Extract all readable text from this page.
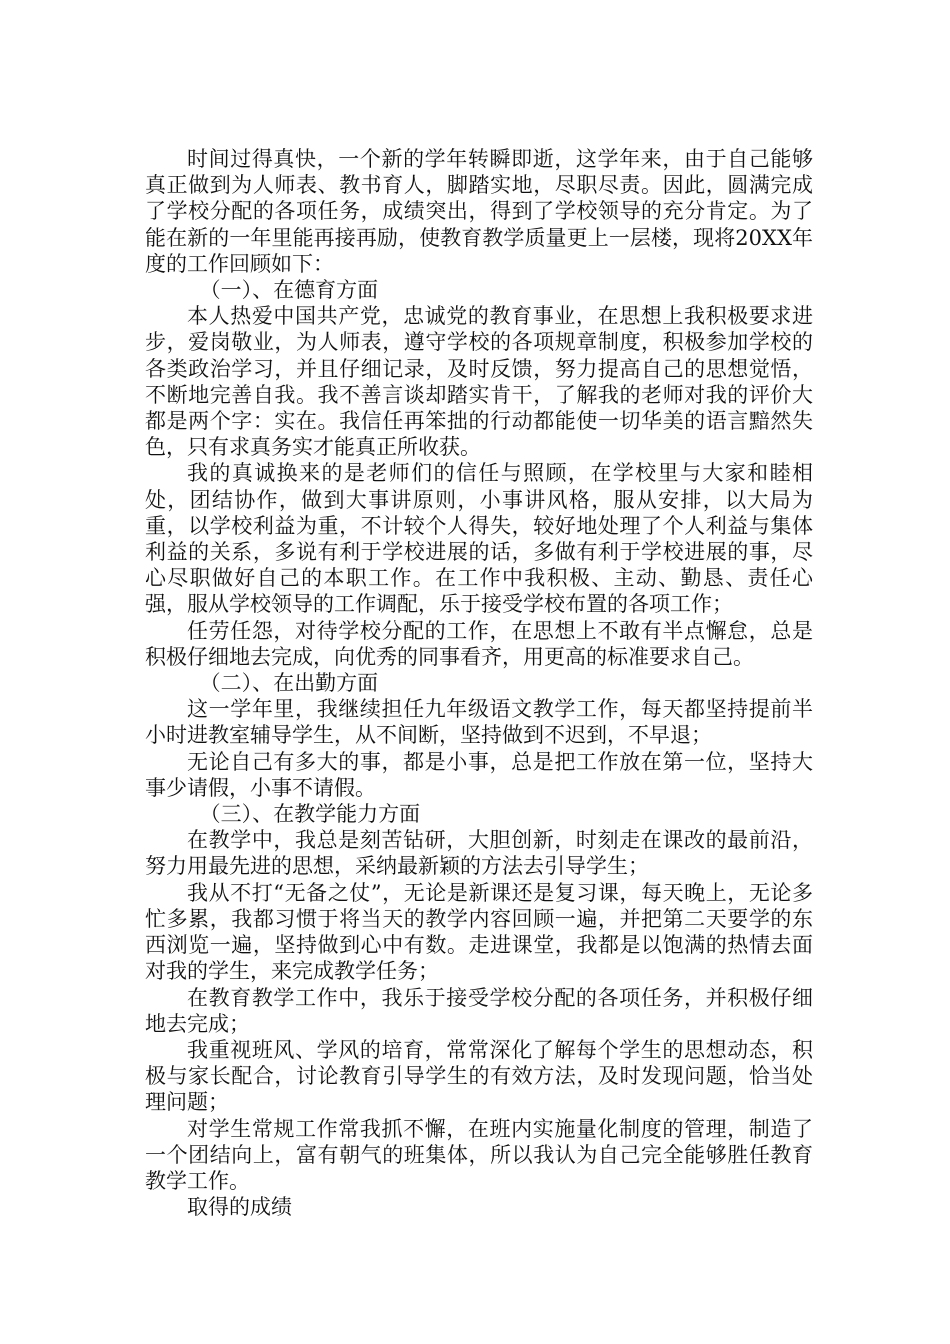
时间过得真快，一个新的学年转瞬即逝，这学年来，由于自己能够真正做到为人师表、教书育人，脚踏实地，尽职尽责。因此，圆满完成了学校分配的各项任务，成绩突出，得到了学校领导的充分肯定。为了能在新的一年里能再接再励，使教育教学质量更上一层楼，现将20XX年度的工作回顾如下：

（一）、在德育方面

本人热爱中国共产党，忠诚党的教育事业，在思想上我积极要求进步，爱岗敬业，为人师表，遵守学校的各项规章制度，积极参加学校的各类政治学习，并且仔细记录，及时反馈，努力提高自己的思想觉悟，不断地完善自我。我不善言谈却踏实肯干，了解我的老师对我的评价大都是两个字：实在。我信任再笨拙的行动都能使一切华美的语言黯然失色，只有求真务实才能真正所收获。

我的真诚换来的是老师们的信任与照顾，在学校里与大家和睦相处，团结协作，做到大事讲原则，小事讲风格，服从安排，以大局为重，以学校利益为重，不计较个人得失，较好地处理了个人利益与集体利益的关系，多说有利于学校进展的话，多做有利于学校进展的事，尽心尽职做好自己的本职工作。在工作中我积极、主动、勤恳、责任心强，服从学校领导的工作调配，乐于接受学校布置的各项工作；

任劳任怨，对待学校分配的工作，在思想上不敢有半点懈怠，总是积极仔细地去完成，向优秀的同事看齐，用更高的标准要求自己。

（二）、在出勤方面

这一学年里，我继续担任九年级语文教学工作，每天都坚持提前半小时进教室辅导学生，从不间断，坚持做到不迟到，不早退；

无论自己有多大的事，都是小事，总是把工作放在第一位，坚持大事少请假，小事不请假。

（三）、在教学能力方面

在教学中，我总是刻苦钻研，大胆创新，时刻走在课改的最前沿，努力用最先进的思想，采纳最新颖的方法去引导学生；

我从不打“无备之仗”，无论是新课还是复习课，每天晚上，无论多忙多累，我都习惯于将当天的教学内容回顾一遍，并把第二天要学的东西浏览一遍，坚持做到心中有数。走进课堂，我都是以饱满的热情去面对我的学生，来完成教学任务；

在教育教学工作中，我乐于接受学校分配的各项任务，并积极仔细地去完成；

我重视班风、学风的培育，常常深化了解每个学生的思想动态，积极与家长配合，讨论教育引导学生的有效方法，及时发现问题，恰当处理问题；

对学生常规工作常我抓不懈，在班内实施量化制度的管理，制造了一个团结向上，富有朝气的班集体，所以我认为自己完全能够胜任教育教学工作。

取得的成绩
